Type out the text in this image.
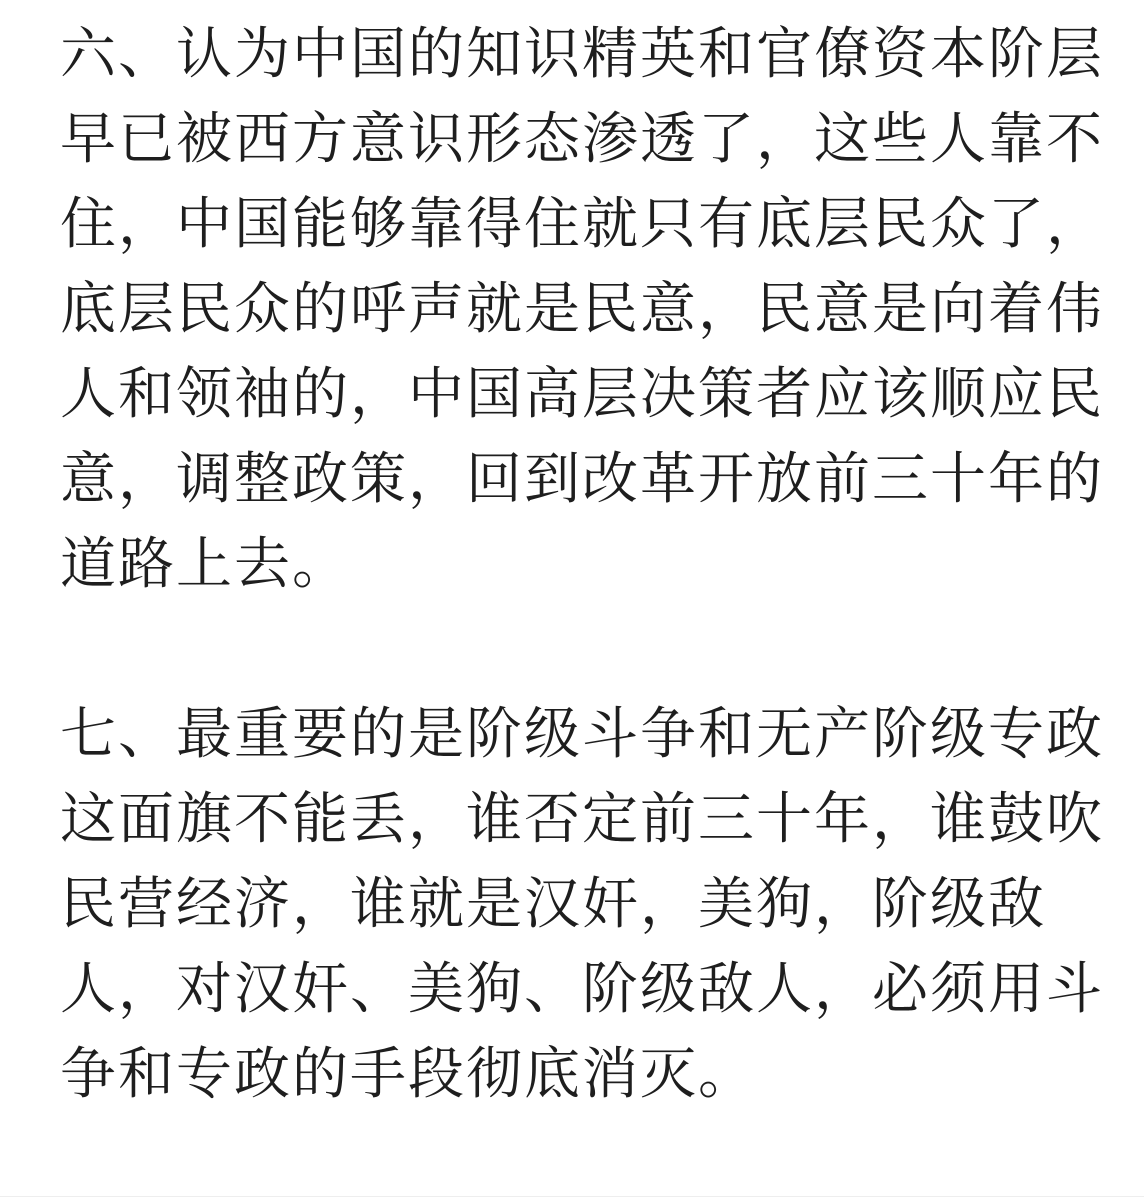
六、认为中国的知识精英和官僚资本阶层
早已被西方意识形态渗透了，这些人靠不
住，中国能够靠得住就只有底层民众了，
底层民众的呼声就是民意，民意是向着伟
人和领袖的，中国高层决策者应该顺应民
意，调整政策，回到改革开放前三十年的
道路上去。
七、最重要的是阶级斗争和无产阶级专政
这面旗不能丢，谁否定前三十年，谁鼓吹
民营经济，谁就是汉奸，美狗，阶级敌
人，对汉奸、美狗、阶级敌人，必须用斗
争和专政的手段彻底消灭。
